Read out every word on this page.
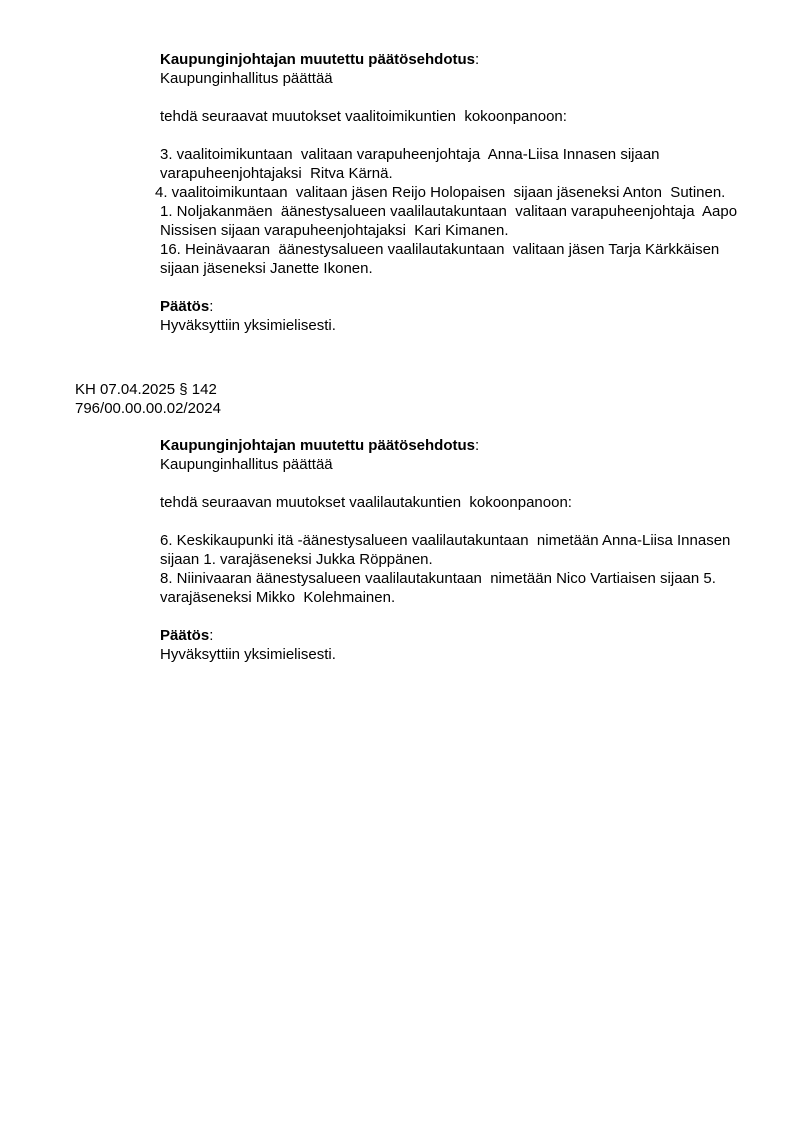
Kaupunginjohtajan muutettu päätösehdotus:
Kaupunginhallitus päättää
tehdä seuraavat muutokset vaalitoimikuntien  kokoonpanoon:
3. vaalitoimikuntaan  valitaan varapuheenjohtaja  Anna-Liisa Innasen sijaan
varapuheenjohtajaksi  Ritva Kärnä.
4. vaalitoimikuntaan  valitaan jäsen Reijo Holopaisen  sijaan jäseneksi Anton  Sutinen.
1. Noljakanmäen  äänestysalueen vaalilautakuntaan  valitaan varapuheenjohtaja  Aapo
Nissisen sijaan varapuheenjohtajaksi  Kari Kimanen.
16. Heinävaaran  äänestysalueen vaalilautakuntaan  valitaan jäsen Tarja Kärkkäisen
sijaan jäseneksi Janette Ikonen.
Päätös:
Hyväksyttiin yksimielisesti.
KH 07.04.2025 § 142
796/00.00.00.02/2024
Kaupunginjohtajan muutettu päätösehdotus:
Kaupunginhallitus päättää
tehdä seuraavan muutokset vaalilautakuntien  kokoonpanoon:
6. Keskikaupunki itä -äänestysalueen vaalilautakuntaan  nimetään Anna-Liisa Innasen
sijaan 1. varajäseneksi Jukka Röppänen.
8. Niinivaaran äänestysalueen vaalilautakuntaan  nimetään Nico Vartiaisen sijaan 5.
varajäseneksi Mikko  Kolehmainen.
Päätös:
Hyväksyttiin yksimielisesti.
